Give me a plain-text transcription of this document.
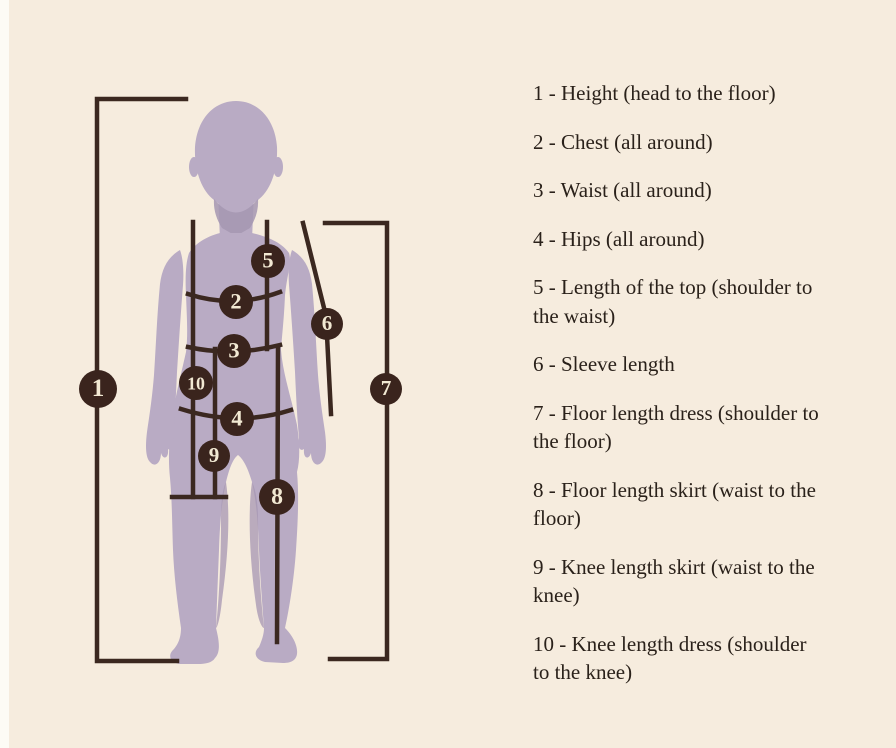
1
2
3
4
5
6
7
8
9
10
1 - Height (head to the floor)
2 - Chest (all around)
3 - Waist (all around)
4 - Hips (all around)
5 - Length of the top (shoulder to
the waist)
6 - Sleeve length
7 - Floor length dress (shoulder to
the floor)
8 - Floor length skirt (waist to the
floor)
9 - Knee length skirt (waist to the
knee)
10 - Knee length dress (shoulder
to the knee)
